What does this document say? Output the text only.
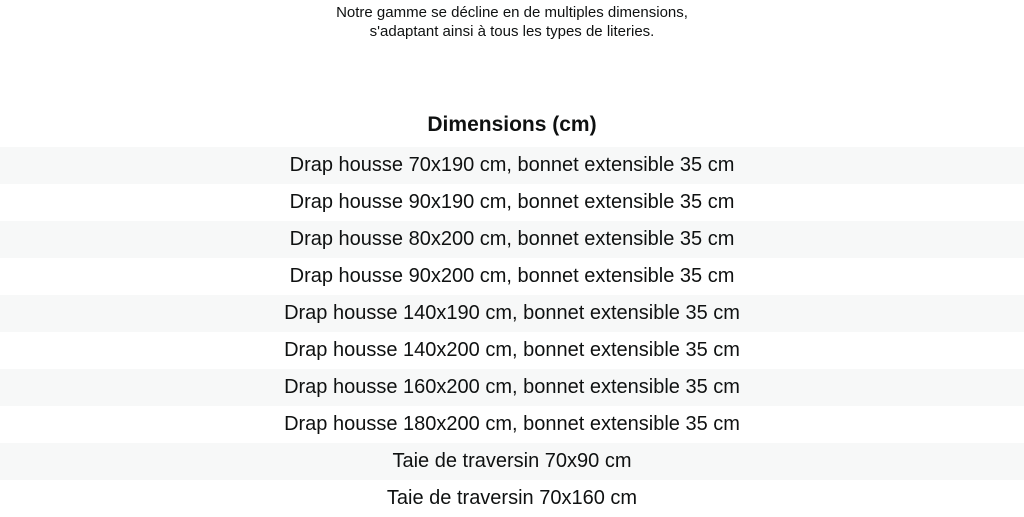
Notre gamme se décline en de multiples dimensions,
s'adaptant ainsi à tous les types de literies.

Dimensions (cm)
Drap housse 70x190 cm, bonnet extensible 35 cm
Drap housse 90x190 cm, bonnet extensible 35 cm
Drap housse 80x200 cm, bonnet extensible 35 cm
Drap housse 90x200 cm, bonnet extensible 35 cm
Drap housse 140x190 cm, bonnet extensible 35 cm
Drap housse 140x200 cm, bonnet extensible 35 cm
Drap housse 160x200 cm, bonnet extensible 35 cm
Drap housse 180x200 cm, bonnet extensible 35 cm
Taie de traversin 70x90 cm
Taie de traversin 70x160 cm
